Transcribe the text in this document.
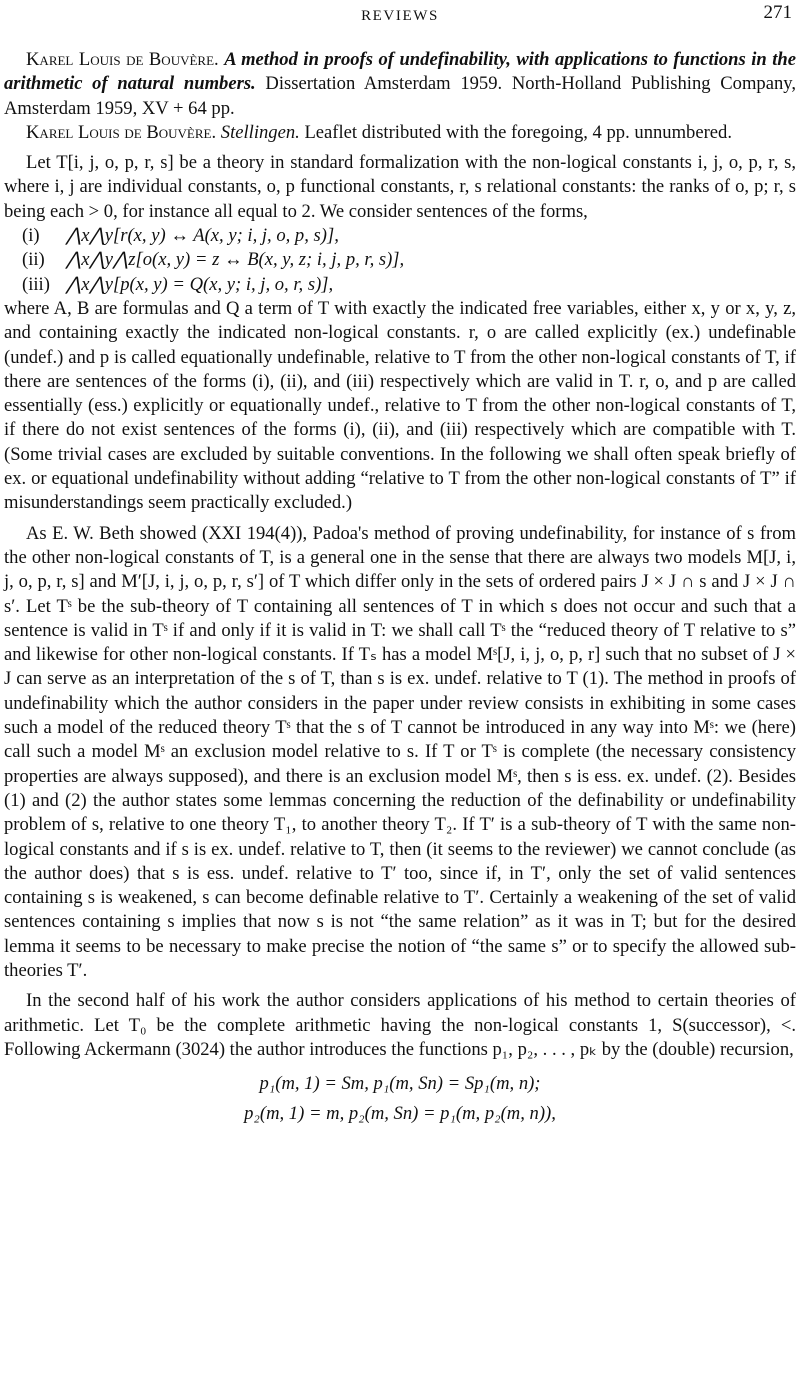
REVIEWS	271

Karel Louis de Bouvère. A method in proofs of undefinability, with applications to functions in the arithmetic of natural numbers. Dissertation Amsterdam 1959. North-Holland Publishing Company, Amsterdam 1959, XV + 64 pp.

Karel Louis de Bouvère. Stellingen. Leaflet distributed with the foregoing, 4 pp. unnumbered.

Let T[i, j, o, p, r, s] be a theory in standard formalization with the non-logical constants i, j, o, p, r, s, where i, j are individual constants, o, p functional constants, r, s relational constants: the ranks of o, p; r, s being each > 0, for instance all equal to 2. We consider sentences of the forms,

(i) ⋀x⋀y[r(x, y) ↔ A(x, y; i, j, o, p, s)],
(ii) ⋀x⋀y⋀z[o(x, y) = z ↔ B(x, y, z; i, j, p, r, s)],
(iii) ⋀x⋀y[p(x, y) = Q(x, y; i, j, o, r, s)],

where A, B are formulas and Q a term of T with exactly the indicated free variables, either x, y or x, y, z, and containing exactly the indicated non-logical constants. r, o are called explicitly (ex.) undefinable (undef.) and p is called equationally undefinable, relative to T from the other non-logical constants of T, if there are sentences of the forms (i), (ii), and (iii) respectively which are valid in T. r, o, and p are called essentially (ess.) explicitly or equationally undef., relative to T from the other non-logical constants of T, if there do not exist sentences of the forms (i), (ii), and (iii) respectively which are compatible with T. (Some trivial cases are excluded by suitable conventions. In the following we shall often speak briefly of ex. or equational undefinability without adding “relative to T from the other non-logical constants of T” if misunderstandings seem practically excluded.)

As E. W. Beth showed (XXI 194(4)), Padoa's method of proving undefinability, for instance of s from the other non-logical constants of T, is a general one in the sense that there are always two models M[J, i, j, o, p, r, s] and M′[J, i, j, o, p, r, s′] of T which differ only in the sets of ordered pairs J × J ∩ s and J × J ∩ s′. Let Tˢ be the sub-theory of T containing all sentences of T in which s does not occur and such that a sentence is valid in Tˢ if and only if it is valid in T: we shall call Tˢ the “reduced theory of T relative to s” and likewise for other non-logical constants. If Tₛ has a model Mˢ[J, i, j, o, p, r] such that no subset of J × J can serve as an interpretation of the s of T, than s is ex. undef. relative to T (1). The method in proofs of undefinability which the author considers in the paper under review consists in exhibiting in some cases such a model of the reduced theory Tˢ that the s of T cannot be introduced in any way into Mˢ: we (here) call such a model Mˢ an exclusion model relative to s. If T or Tˢ is complete (the necessary consistency properties are always supposed), and there is an exclusion model Mˢ, then s is ess. ex. undef. (2). Besides (1) and (2) the author states some lemmas concerning the reduction of the definability or undefinability problem of s, relative to one theory T₁, to another theory T₂. If T′ is a sub-theory of T with the same non-logical constants and if s is ex. undef. relative to T, then (it seems to the reviewer) we cannot conclude (as the author does) that s is ess. undef. relative to T′ too, since if, in T′, only the set of valid sentences containing s is weakened, s can become definable relative to T′. Certainly a weakening of the set of valid sentences containing s implies that now s is not “the same relation” as it was in T; but for the desired lemma it seems to be necessary to make precise the notion of “the same s” or to specify the allowed sub-theories T′.

In the second half of his work the author considers applications of his method to certain theories of arithmetic. Let T₀ be the complete arithmetic having the non-logical constants 1, S(successor), <. Following Ackermann (3024) the author introduces the functions p₁, p₂, . . . , pₖ by the (double) recursion,

p₁(m, 1) = Sm, p₁(m, Sn) = Sp₁(m, n);

p₂(m, 1) = m, p₂(m, Sn) = p₁(m, p₂(m, n)),
